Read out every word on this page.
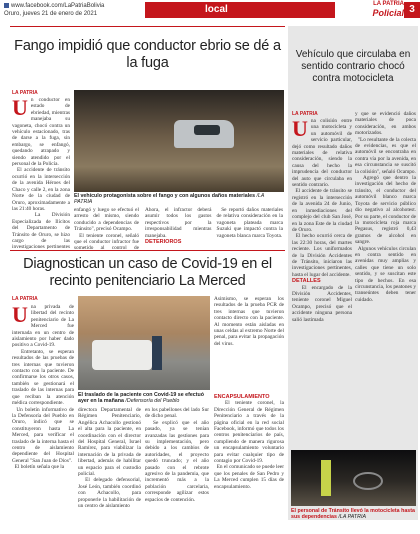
www.facebook.com/LaPatriaBolivia
Oruro, jueves 21 de enero de 2021	local	LA PATRIA
Policial 3
Fango impidió que conductor ebrio se dé a la fuga
LA PATRIA
Un conductor en estado de ebriedad, mientras manejaba su vagoneta, chocó contra un vehículo estacionado, tras de darse a la fuga, sin embargo, se enfangó, quedando atrapado y siendo atendido por el personal de la Policía.
El accidente de tránsito ocurrió en la intersección de la avenida Héroes del Chaco y calle 2, en la zona Norte de la ciudad de Oruro, aproximadamente a las 21:40 horas.
La División Especializada de Ilícitos del Departamento de Tránsito de Oruro, se hizo cargo de las investigaciones pertinentes

El vehículo protagonista sobre el fango y con algunos daños materiales /LA PATRIA
enfangó y luego se efectuó el arresto del mismo, siendo conducido a dependencias de Tránsito", precisó Ocampo.
El teniente coronel, señaló que el conductor infractor fue sometido al control de
Ahora, el infractor deberá asumir todos los gastos respectivos por la irresponsabilidad mientras manejaba.
DETERIOROS
Se reportó daños materiales de relativa consideración en la vagoneta plateada marca Suzuki que impactó contra la vagoneta blanca marca Toyota.
Diagnostican un caso de Covid-19 en el recinto penitenciario La Merced
LA PATRIA
Una privada de libertad del recinto penitenciario de La Merced fue internada en un centro de aislamiento por haber dado positivo a Covid-19.
Entretanto, se esperan resultados de las pruebas de tres internas que tuvieron contacto con la paciente. De confirmarse los otros casos, también se gestionará el traslado de las internas para que reciban la atención médica correspondiente.
Un boletín informativo de la Defensoría del Pueblo en Oruro, indicó que se constituyeron hasta La Merced, para verificar el traslado de la interna hasta el centro de aislamiento dependiente del Hospital General "San Juan de Dios".
El boletín señala que la
Asimismo, se esperan los resultados de la prueba PCR de tres internas que tuvieron contacto directo con la paciente. Al momento están aisladas en unas celdas al extremo Norte del penal, para evitar la propagación del virus.
El traslado de la paciente con Covid-19 se efectuó ayer en la mañana /Defensoría del Pueblo
directora Departamental de Régimen Penitenciario, Angélica Achacollo gestionó el alta para la paciente, en coordinación con el director del Hospital General, Israel Ramírez, para viabilizar la internación de la privada de libertad, además de habilitar un espacio para el custodio policial.
El delegado defensorial, José León, también coordinó con Achacollo, para proponerle la habilitación de un centro de aislamiento
en los pabellones del lado Sur de dicho penal.
Se explicó que el año pasado, ya se tenían avanzadas las gestiones para su implementación, pero debido a los cambios de autoridades, el proyecto quedó truncado; y el año pasado con el rebrote agresivo de la pandemia, que incrementó más a la población carcelaria, corresponde agilizar estos espacios de contención.
ENCAPSULAMIENTO
El teniente coronel, la Dirección General de Régimen Penitenciario a través de la página oficial en la red social Facebook, informó que todos los centros penitenciarios de país, cumpliendo de manera rigurosa un encapsulamiento voluntario para evitar cualquier tipo de contagio por Covid-19.
En el comunicado se puede leer que los penales de San Pedro y La Merced cumplen 15 días de encapsulamiento.
Vehículo que circulaba en sentido contrario chocó contra motocicleta
LA PATRIA
Una colisión entre una motocicleta y un automóvil de servicio particular, dejó como resultado daños materiales de relativa consideración, siendo la causa del hecho la imprudencia del conductor del auto que circulaba en sentido contrario.
El accidente de tránsito se registró en la intersección de la avenida 24 de Junio, en inmediaciones del complejo del club San José, en la zona Este de la ciudad de Oruro.
El hecho ocurrió cerca de las 22:30 horas, del martes reciente. Los uniformados de la División Accidentes de Tránsito, iniciaron las investigaciones pertinentes, hasta el lugar del accidente.
DETALLES
El encargado de la División Accidentes, teniente coronel Miguel Ocampo, precisó que el accidente ninguna persona salió lastimada
y que se evidenció daños materiales de poca consideración, en ambos motorizados.
"Lo resultante de la colecta de evidencias, es que el automóvil se encontraba en contra vía por la avenida, en esa circunstancia se suscitó la colisión", señaló Ocampo.
Agregó que dentro la investigación del hecho de tránsito, el conductor del automóvil blanco marca Toyota de servicio público dio negativo al alcohotest. Por su parte, el conductor de la motocicleta roja marca Pegasus, registró 0,43 gramos de alcohol en sangre.
Algunos vehículos circulan en contra sentido en avenidas muy amplias y calles que tiene un solo sentido, y se suscitan este tipo de hechos. En esa circunstancia, los peatones y transeúntes deben tener cuidado.
El personal de Tránsito llevó la motocicleta hasta sus dependencias /LA PATRIA
